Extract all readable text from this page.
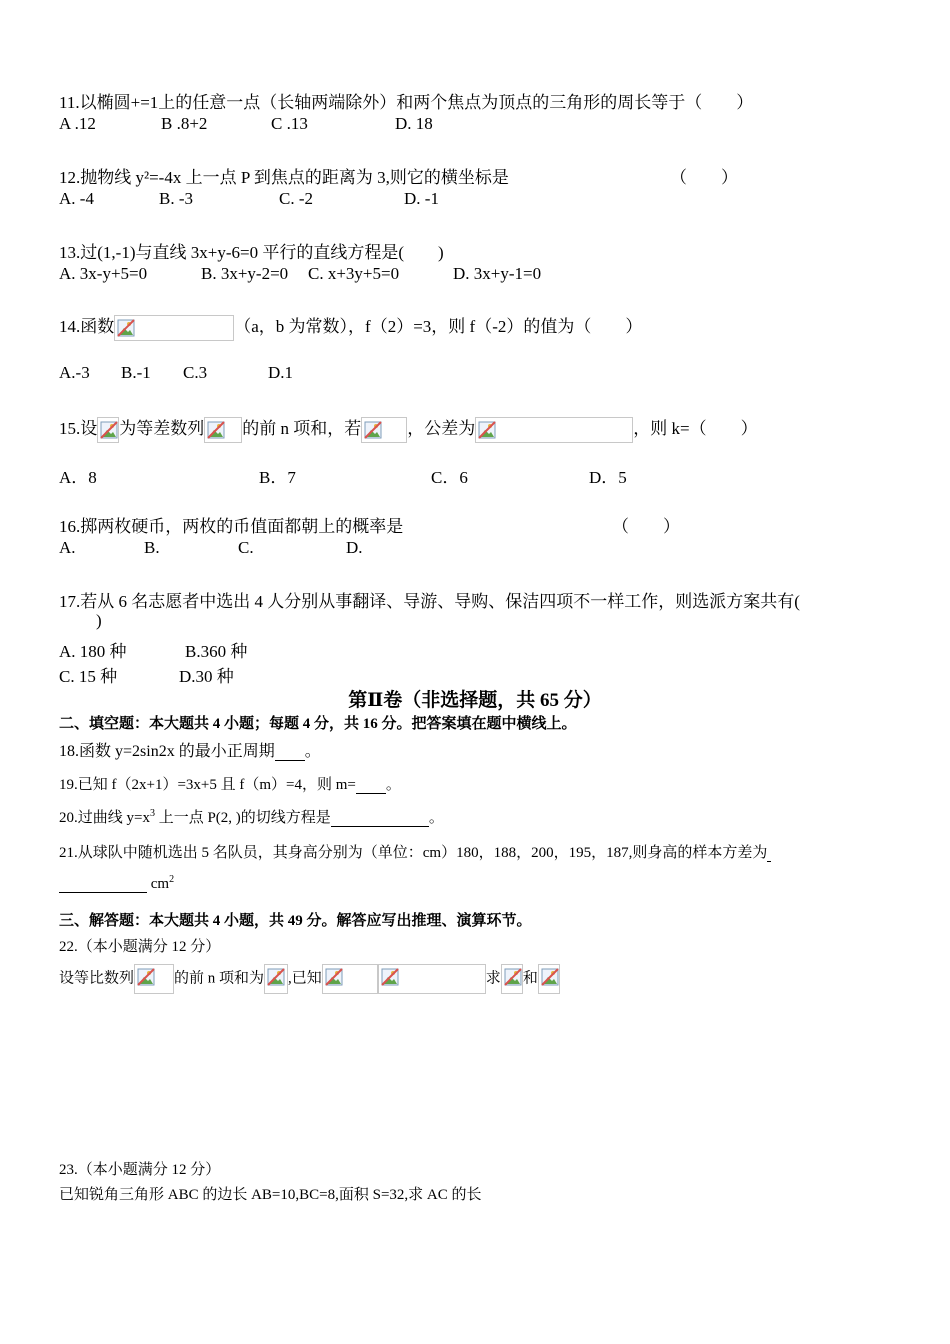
11.以椭圆+=1上的任意一点（长轴两端除外）和两个焦点为顶点的三角形的周长等于（　　）
A .12	B .8+2	C .13	D. 18
12.抛物线 y²=-4x 上一点 P 到焦点的距离为 3,则它的横坐标是	（　　）
A. -4	B. -3	C. -2	D. -1
13.过(1,-1)与直线 3x+y-6=0 平行的直线方程是(　　)
A. 3x-y+5=0	B. 3x+y-2=0 C. x+3y+5=0	D. 3x+y-1=0
14.函数	（a，b 为常数），f（2）=3，则 f（-2）的值为（　　）
A.-3 B.-1 C.3	D.1
15.设 为等差数列 的前 n 项和，若	，公差为	，则 k=（　　）
A．8	B．7	C．6	D．5
16.掷两枚硬币，两枚的币值面都朝上的概率是	（　　）
A.	B.	C.	D.
17.若从 6 名志愿者中选出 4 人分别从事翻译、导游、导购、保洁四项不一样工作，则选派方案共有(
)
A. 180 种	B.360 种
C. 15 种	D.30 种
第Ⅱ卷（非选择题，共 65 分）
二、填空题：本大题共 4 小题；每题 4 分，共 16 分。把答案填在题中横线上。
18.函数 y=2sin2x 的最小正周期 。
19.已知 f（2x+1）=3x+5 且 f（m）=4，则 m= 。
20.过曲线 $y=x^3$ 上一点 P(2, )的切线方程是	。
21.从球队中随机选出 5 名队员，其身高分别为（单位：cm）180，188，200，195，187,则身高的样本方差为
$cm^2$
三、解答题：本大题共 4 小题，共 49 分。解答应写出推理、演算环节。
22.（本小题满分 12 分）
设等比数列	的前 n 项和为 ,已知	求 和
23.（本小题满分 12 分）
已知锐角三角形 ABC 的边长 AB=10,BC=8,面积 S=32,求 AC 的长
